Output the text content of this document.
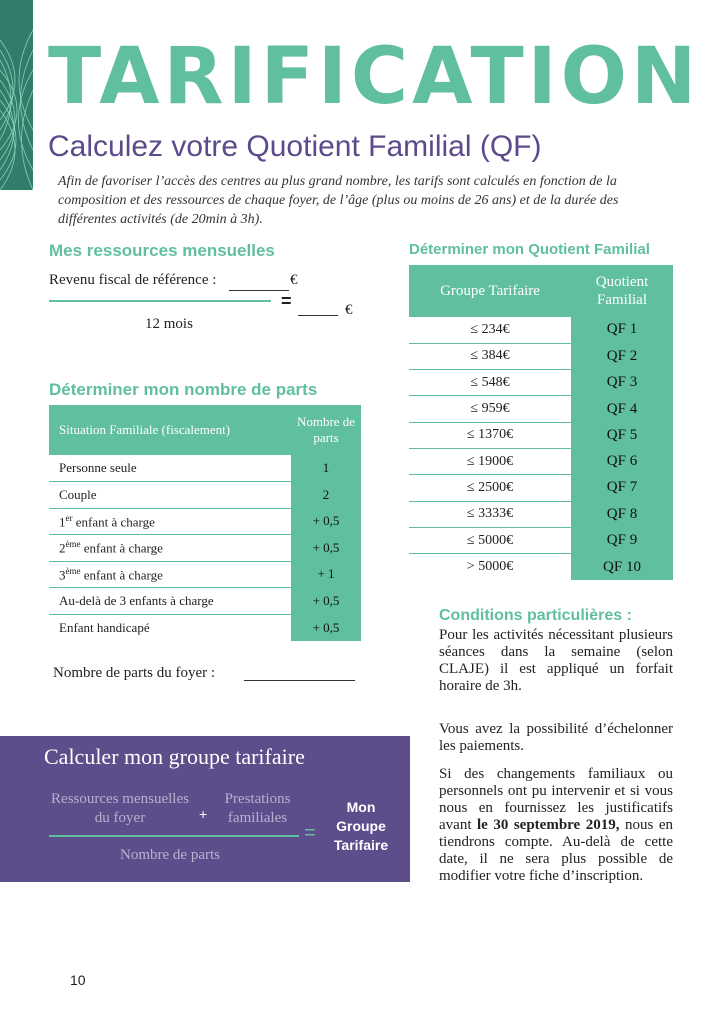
TARIFICATION
Calculez votre Quotient Familial (QF)
Afin de favoriser l’accès des centres au plus grand nombre, les tarifs sont calculés en fonction de la composition et des ressources de chaque foyer, de l’âge (plus ou moins de 26 ans) et de la durée des différentes activités (de 20min à 3h).
Mes ressources mensuelles
Revenu fiscal de référence :	€
=	€
12 mois
Déterminer mon nombre de parts
Situation Familiale (fiscalement)	Nombre de parts
Personne seule	1
Couple	2
1er enfant à charge	+ 0,5
2ème enfant à charge	+ 0,5
3ème enfant à charge	+ 1
Au-delà de 3 enfants à charge	+ 0,5
Enfant handicapé	+ 0,5
Nombre de parts du foyer :
Déterminer mon Quotient Familial
Groupe Tarifaire	Quotient Familial
≤ 234€	QF 1
≤ 384€	QF 2
≤ 548€	QF 3
≤ 959€	QF 4
≤ 1370€	QF 5
≤ 1900€	QF 6
≤ 2500€	QF 7
≤ 3333€	QF 8
≤ 5000€	QF 9
> 5000€	QF 10
Calculer mon groupe tarifaire
Ressources mensuelles du foyer	+
Prestations familiales
=
Nombre de parts
Mon Groupe Tarifaire
Conditions particulières :
Pour les activités nécessitant plusieurs séances dans la semaine (selon CLAJE) il est appliqué un forfait horaire de 3h.
Vous avez la possibilité d’échelonner les paiements.
Si des changements familiaux ou personnels ont pu intervenir et si vous nous en fournissez les justificatifs avant le 30 septembre 2019, nous en tiendrons compte. Au-delà de cette date, il ne sera plus possible de modifier votre fiche d’inscription.
10
